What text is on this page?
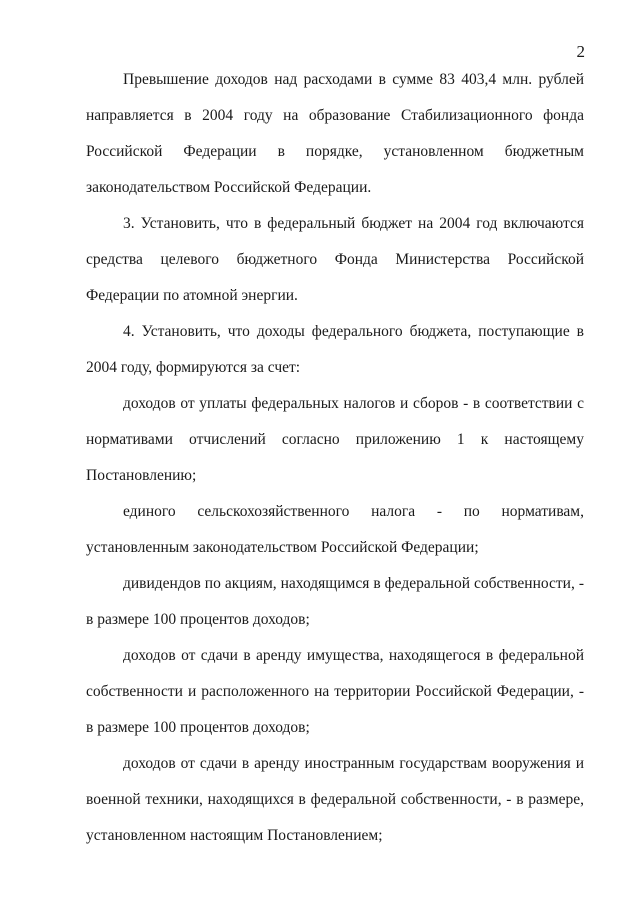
2

Превышение доходов над расходами в сумме 83 403,4 млн. рублей направляется в 2004 году на образование Стабилизационного фонда Российской Федерации в порядке, установленном бюджетным законодательством Российской Федерации.

3. Установить, что в федеральный бюджет на 2004 год включаются средства целевого бюджетного Фонда Министерства Российской Федерации по атомной энергии.

4. Установить, что доходы федерального бюджета, поступающие в 2004 году, формируются за счет:

доходов от уплаты федеральных налогов и сборов - в соответствии с нормативами отчислений согласно приложению 1 к настоящему Постановлению;

единого сельскохозяйственного налога - по нормативам, установленным законодательством Российской Федерации;

дивидендов по акциям, находящимся в федеральной собственности, - в размере 100 процентов доходов;

доходов от сдачи в аренду имущества, находящегося в федеральной собственности и расположенного на территории Российской Федерации, - в размере 100 процентов доходов;

доходов от сдачи в аренду иностранным государствам вооружения и военной техники, находящихся в федеральной собственности, - в размере, установленном настоящим Постановлением;
